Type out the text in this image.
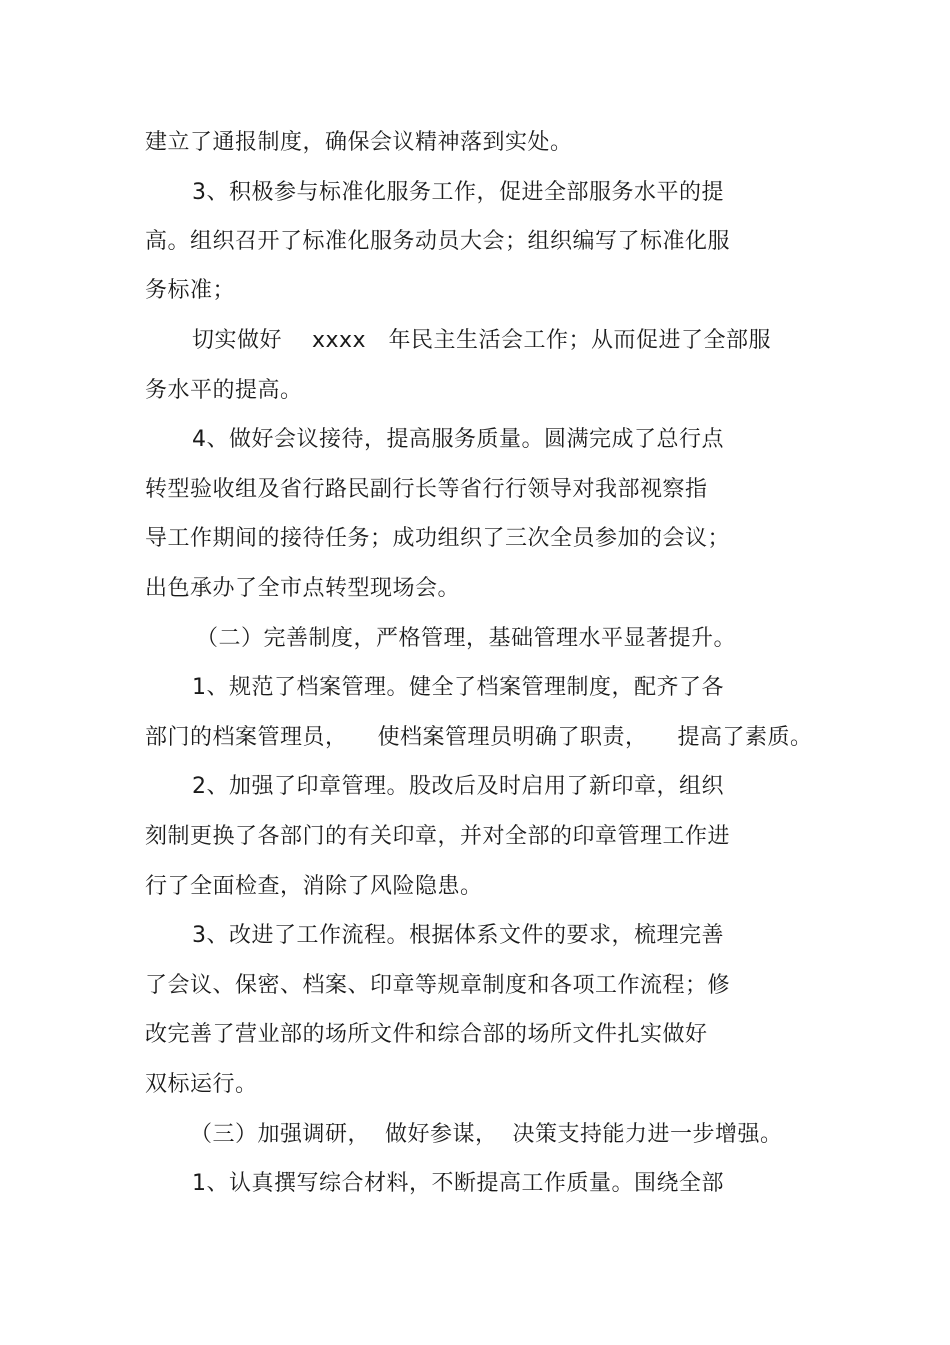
建立了通报制度，确保会议精神落到实处。
3、积极参与标准化服务工作，促进全部服务水平的提
高。组织召开了标准化服务动员大会；组织编写了标准化服
务标准；
切实做好    xxxx   年民主生活会工作；从而促进了全部服
务水平的提高。
4、做好会议接待，提高服务质量。圆满完成了总行点
转型验收组及省行路民副行长等省行行领导对我部视察指
导工作期间的接待任务；成功组织了三次全员参加的会议；
出色承办了全市点转型现场会。
（二）完善制度，严格管理，基础管理水平显著提升。
1、规范了档案管理。健全了档案管理制度，配齐了各
部门的档案管理员，    使档案管理员明确了职责，    提高了素质。
2、加强了印章管理。股改后及时启用了新印章，组织
刻制更换了各部门的有关印章，并对全部的印章管理工作进
行了全面检查，消除了风险隐患。
3、改进了工作流程。根据体系文件的要求，梳理完善
了会议、保密、档案、印章等规章制度和各项工作流程；修
改完善了营业部的场所文件和综合部的场所文件扎实做好
双标运行。
（三）加强调研，  做好参谋，  决策支持能力进一步增强。
1、认真撰写综合材料，不断提高工作质量。围绕全部
